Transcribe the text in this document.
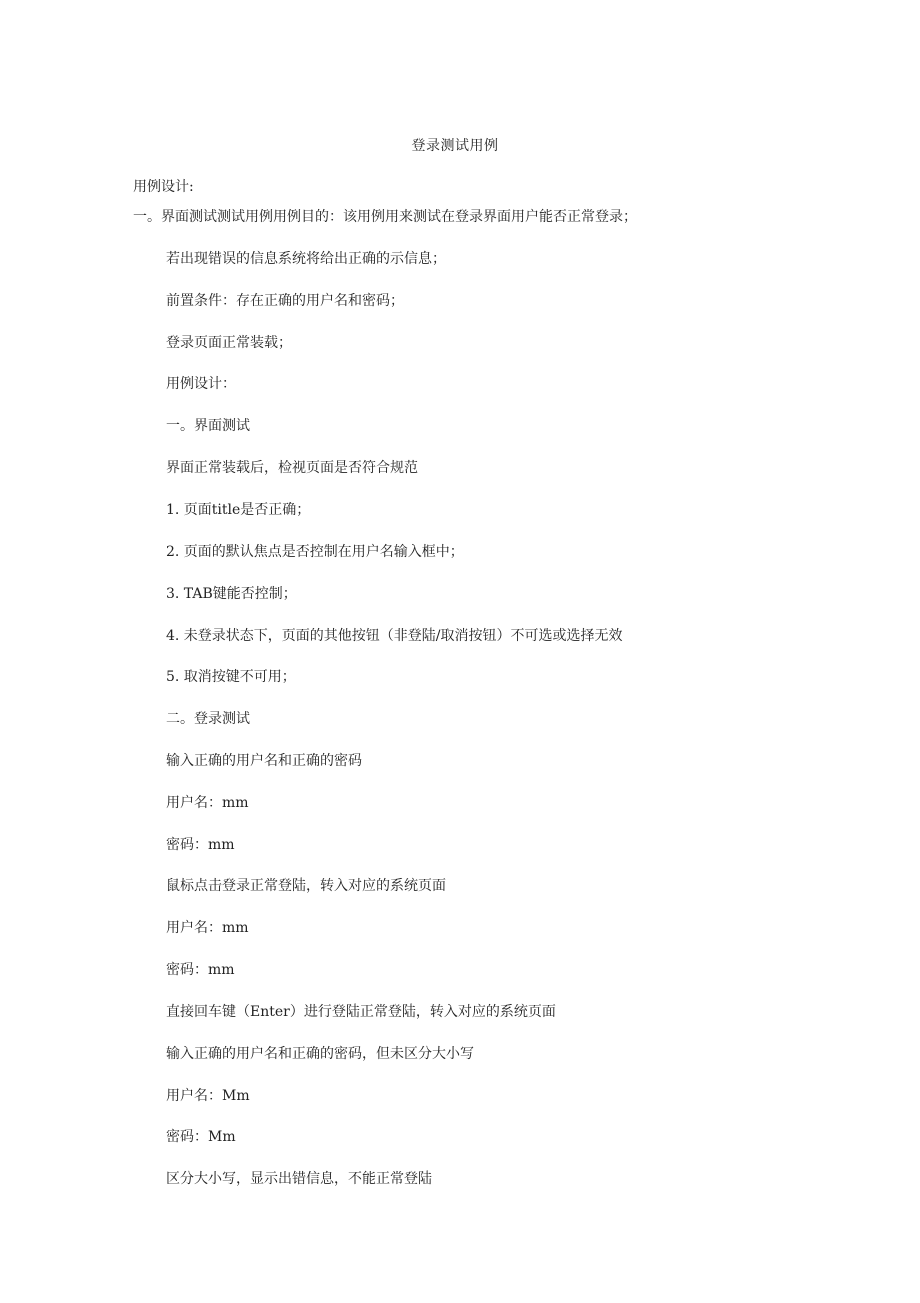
登录测试用例
用例设计:
一。界面测试测试用例用例目的：该用例用来测试在登录界面用户能否正常登录；
若出现错误的信息系统将给出正确的示信息；
前置条件：存在正确的用户名和密码；
登录页面正常装载；
用例设计：
一。界面测试
界面正常装载后，检视页面是否符合规范
1. 页面title是否正确；
2. 页面的默认焦点是否控制在用户名输入框中；
3. TAB键能否控制；
4. 未登录状态下，页面的其他按钮（非登陆/取消按钮）不可选或选择无效
5. 取消按键不可用；
二。登录测试
输入正确的用户名和正确的密码
用户名：mm
密码：mm
鼠标点击登录正常登陆，转入对应的系统页面
用户名：mm
密码：mm
直接回车键（Enter）进行登陆正常登陆，转入对应的系统页面
输入正确的用户名和正确的密码，但未区分大小写
用户名：Mm
密码：Mm
区分大小写，显示出错信息，不能正常登陆
